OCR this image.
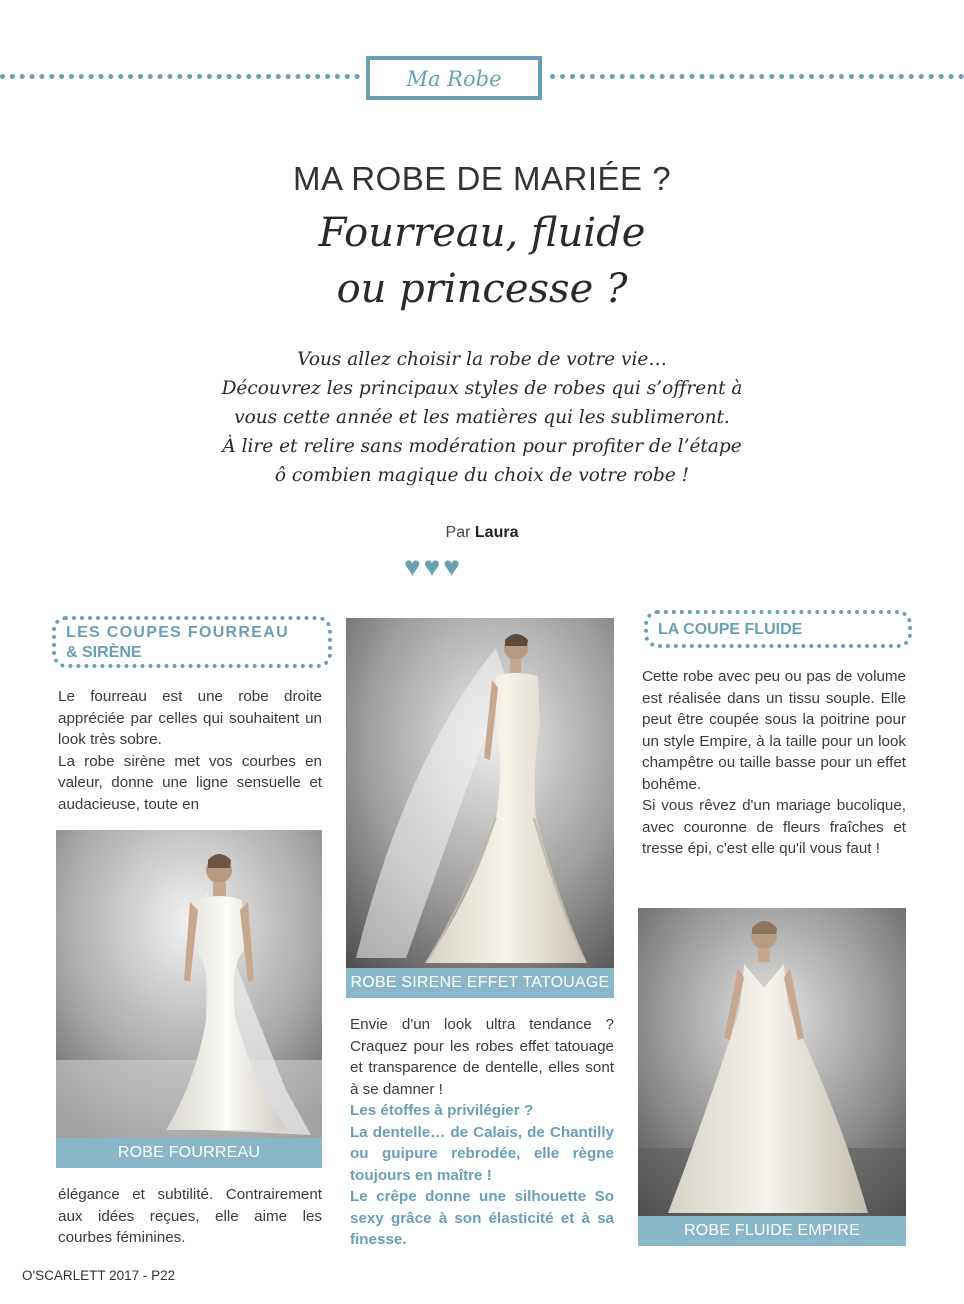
Ma Robe
MA ROBE DE MARIÉE ?
Fourreau, fluide
ou princesse ?
Vous allez choisir la robe de votre vie…
Découvrez les principaux styles de robes qui s’offrent à
vous cette année et les matières qui les sublimeront.
À lire et relire sans modération pour profiter de l’étape
ô combien magique du choix de votre robe !
Par Laura
♥♥♥
LES COUPES FOURREAU
& SIRÈNE

Le fourreau est une robe droite appréciée par celles qui souhaitent un look très sobre.

La robe sirène met vos courbes en valeur, donne une ligne sensuelle et audacieuse, toute en

ROBE FOURREAU

élégance et subtilité. Contrairement aux idées reçues, elle aime les courbes féminines.

ROBE SIRENE EFFET TATOUAGE

Envie d'un look ultra tendance ? Craquez pour les robes effet tatouage et transparence de dentelle, elles sont à se damner !

Les étoffes à privilégier ?

La dentelle… de Calais, de Chantilly ou guipure rebrodée, elle règne toujours en maître !

Le crêpe donne une silhouette So sexy grâce à son élasticité et à sa finesse.

LA COUPE FLUIDE

Cette robe avec peu ou pas de volume est réalisée dans un tissu souple. Elle peut être coupée sous la poitrine pour un style Empire, à la taille pour un look champêtre ou taille basse pour un effet bohême.

Si vous rêvez d'un mariage bucolique, avec couronne de fleurs fraîches et tresse épi, c'est elle qu'il vous faut !

ROBE FLUIDE EMPIRE
O'SCARLETT 2017 - P22
